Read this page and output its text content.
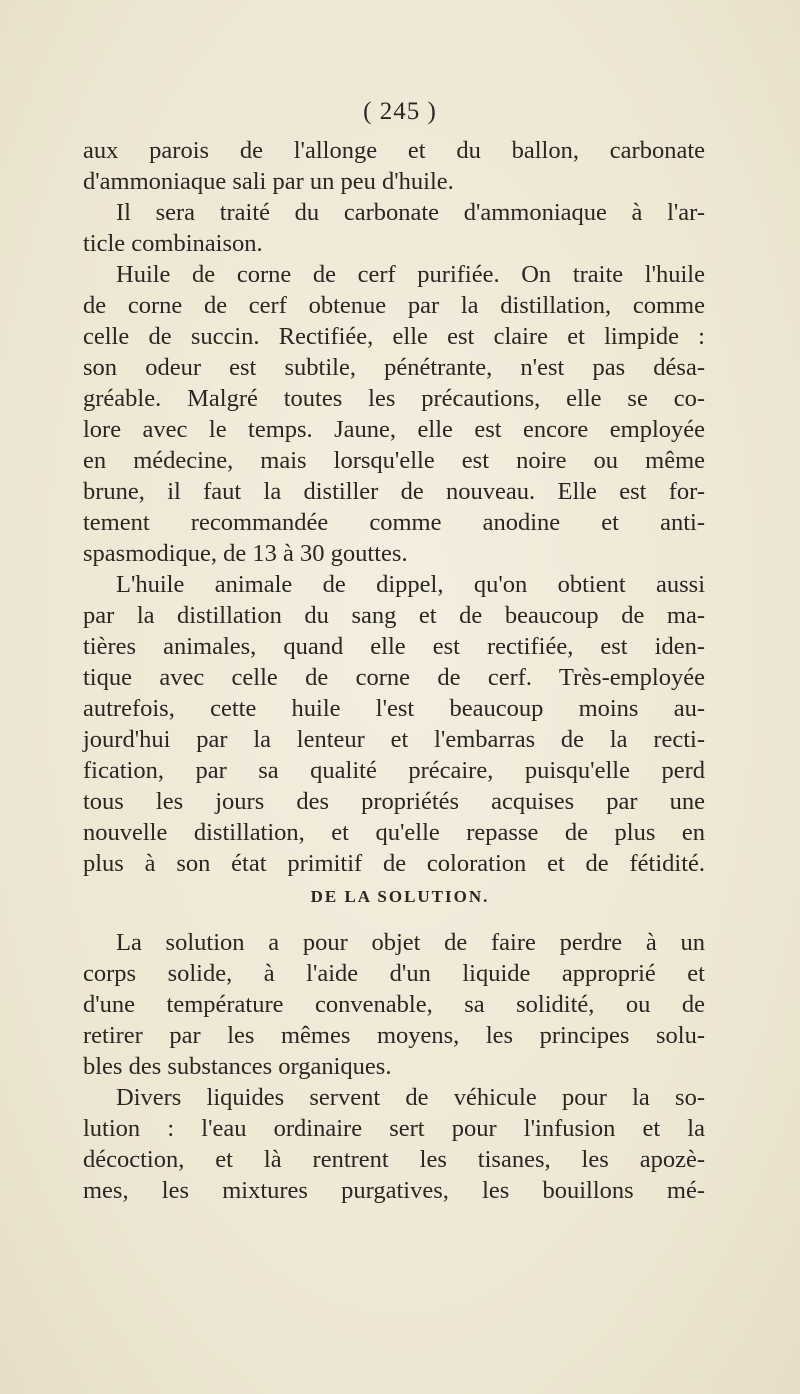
( 245 )
aux parois de l'allonge et du ballon, carbonate
d'ammoniaque sali par un peu d'huile.
Il sera traité du carbonate d'ammoniaque à l'ar-
ticle combinaison.
Huile de corne de cerf purifiée. On traite l'huile
de corne de cerf obtenue par la distillation, comme
celle de succin. Rectifiée, elle est claire et limpide :
son odeur est subtile, pénétrante, n'est pas désa-
gréable. Malgré toutes les précautions, elle se co-
lore avec le temps. Jaune, elle est encore employée
en médecine, mais lorsqu'elle est noire ou même
brune, il faut la distiller de nouveau. Elle est for-
tement recommandée comme anodine et anti-
spasmodique, de 13 à 30 gouttes.
L'huile animale de dippel, qu'on obtient aussi
par la distillation du sang et de beaucoup de ma-
tières animales, quand elle est rectifiée, est iden-
tique avec celle de corne de cerf. Très-employée
autrefois, cette huile l'est beaucoup moins au-
jourd'hui par la lenteur et l'embarras de la recti-
fication, par sa qualité précaire, puisqu'elle perd
tous les jours des propriétés acquises par une
nouvelle distillation, et qu'elle repasse de plus en
plus à son état primitif de coloration et de fétidité.
DE LA SOLUTION.
La solution a pour objet de faire perdre à un
corps solide, à l'aide d'un liquide approprié et
d'une température convenable, sa solidité, ou de
retirer par les mêmes moyens, les principes solu-
bles des substances organiques.
Divers liquides servent de véhicule pour la so-
lution : l'eau ordinaire sert pour l'infusion et la
décoction, et là rentrent les tisanes, les apozè-
mes, les mixtures purgatives, les bouillons mé-
